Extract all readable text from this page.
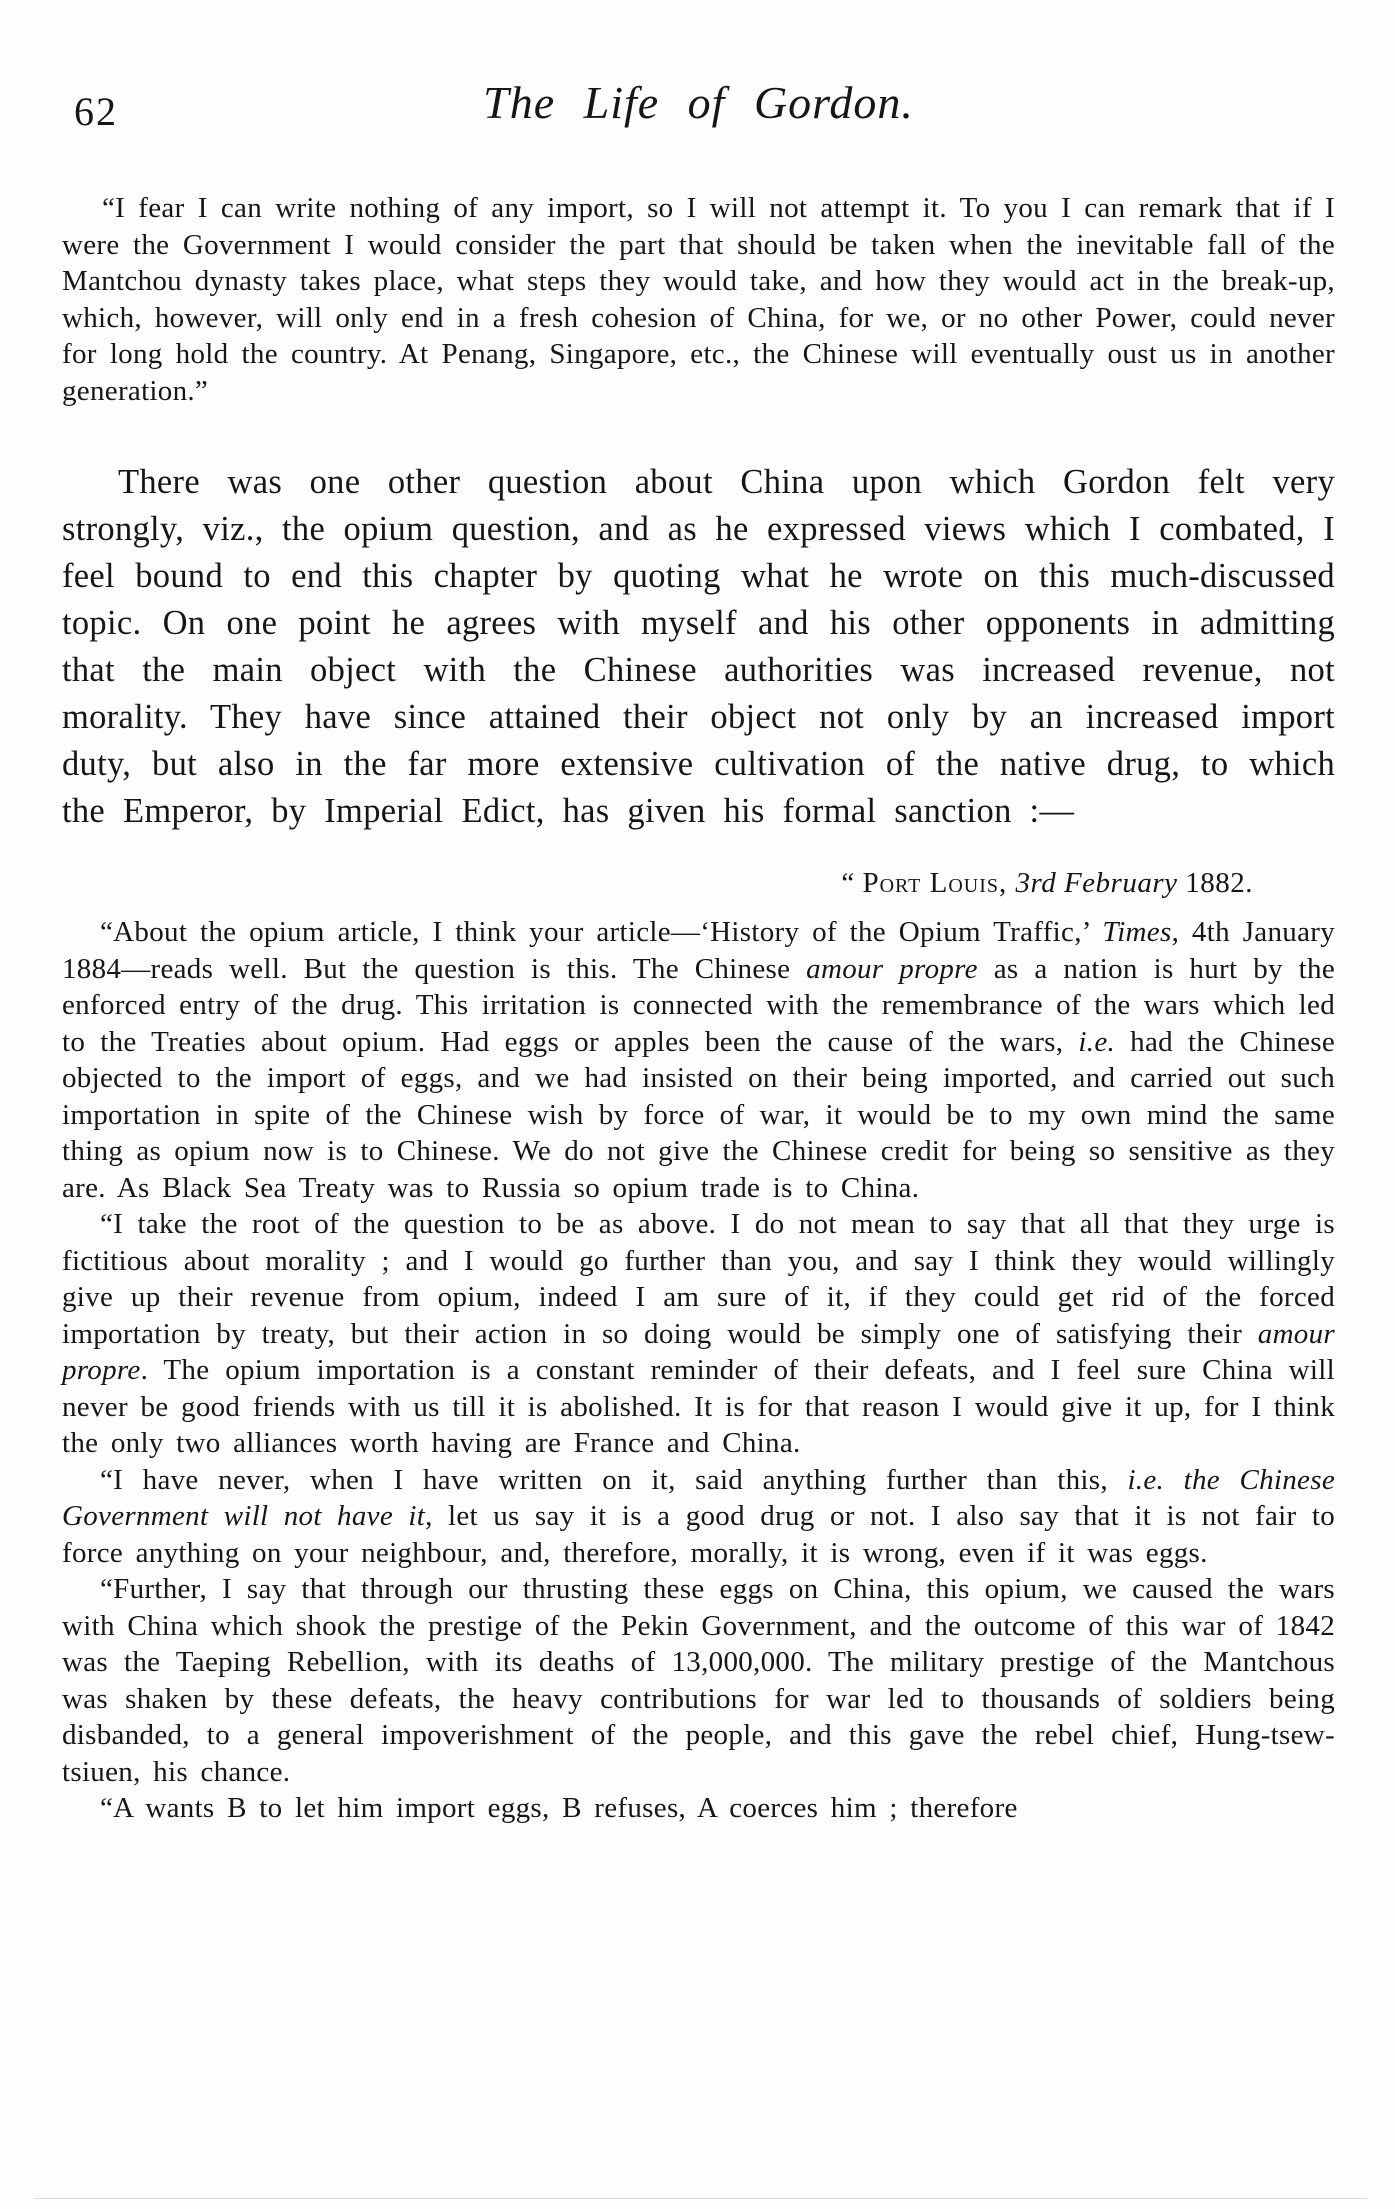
62	The Life of Gordon.

“I fear I can write nothing of any import, so I will not attempt it. To you I can remark that if I were the Government I would consider the part that should be taken when the inevitable fall of the Mantchou dynasty takes place, what steps they would take, and how they would act in the break-up, which, however, will only end in a fresh cohesion of China, for we, or no other Power, could never for long hold the country. At Penang, Singapore, etc., the Chinese will eventually oust us in another generation.”

There was one other question about China upon which Gordon felt very strongly, viz., the opium question, and as he expressed views which I combated, I feel bound to end this chapter by quoting what he wrote on this much-discussed topic. On one point he agrees with myself and his other opponents in admitting that the main object with the Chinese authorities was increased revenue, not morality. They have since attained their object not only by an increased import duty, but also in the far more extensive cultivation of the native drug, to which the Emperor, by Imperial Edict, has given his formal sanction :—

“ Port Louis, 3rd February 1882.

“About the opium article, I think your article—‘History of the Opium Traffic,’ Times, 4th January 1884—reads well. But the question is this. The Chinese amour propre as a nation is hurt by the enforced entry of the drug. This irritation is connected with the remembrance of the wars which led to the Treaties about opium. Had eggs or apples been the cause of the wars, i.e. had the Chinese objected to the import of eggs, and we had insisted on their being imported, and carried out such importation in spite of the Chinese wish by force of war, it would be to my own mind the same thing as opium now is to Chinese. We do not give the Chinese credit for being so sensitive as they are. As Black Sea Treaty was to Russia so opium trade is to China.

“I take the root of the question to be as above. I do not mean to say that all that they urge is fictitious about morality ; and I would go further than you, and say I think they would willingly give up their revenue from opium, indeed I am sure of it, if they could get rid of the forced importation by treaty, but their action in so doing would be simply one of satisfying their amour propre. The opium importation is a constant reminder of their defeats, and I feel sure China will never be good friends with us till it is abolished. It is for that reason I would give it up, for I think the only two alliances worth having are France and China.

“I have never, when I have written on it, said anything further than this, i.e. the Chinese Government will not have it, let us say it is a good drug or not. I also say that it is not fair to force anything on your neighbour, and, therefore, morally, it is wrong, even if it was eggs.

“Further, I say that through our thrusting these eggs on China, this opium, we caused the wars with China which shook the prestige of the Pekin Government, and the outcome of this war of 1842 was the Taeping Rebellion, with its deaths of 13,000,000. The military prestige of the Mantchous was shaken by these defeats, the heavy contributions for war led to thousands of soldiers being disbanded, to a general impoverishment of the people, and this gave the rebel chief, Hung-tsew-tsiuen, his chance.

“A wants B to let him import eggs, B refuses, A coerces him ; therefore
